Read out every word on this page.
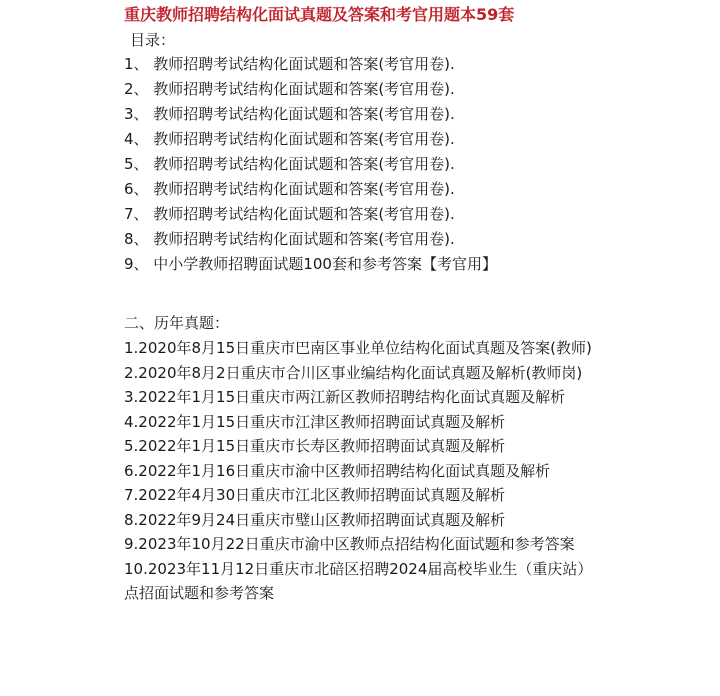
重庆教师招聘结构化面试真题及答案和考官用题本59套
目录：
1、 教师招聘考试结构化面试题和答案(考官用卷).
2、 教师招聘考试结构化面试题和答案(考官用卷).
3、 教师招聘考试结构化面试题和答案(考官用卷).
4、 教师招聘考试结构化面试题和答案(考官用卷).
5、 教师招聘考试结构化面试题和答案(考官用卷).
6、 教师招聘考试结构化面试题和答案(考官用卷).
7、 教师招聘考试结构化面试题和答案(考官用卷).
8、 教师招聘考试结构化面试题和答案(考官用卷).
9、 中小学教师招聘面试题100套和参考答案【考官用】
二、历年真题：
1.2020年8月15日重庆市巴南区事业单位结构化面试真题及答案(教师)
2.2020年8月2日重庆市合川区事业编结构化面试真题及解析(教师岗)
3.2022年1月15日重庆市两江新区教师招聘结构化面试真题及解析
4.2022年1月15日重庆市江津区教师招聘面试真题及解析
5.2022年1月15日重庆市长寿区教师招聘面试真题及解析
6.2022年1月16日重庆市渝中区教师招聘结构化面试真题及解析
7.2022年4月30日重庆市江北区教师招聘面试真题及解析
8.2022年9月24日重庆市璧山区教师招聘面试真题及解析
9.2023年10月22日重庆市渝中区教师点招结构化面试题和参考答案
10.2023年11月12日重庆市北碚区招聘2024届高校毕业生（重庆站）点招面试题和参考答案
